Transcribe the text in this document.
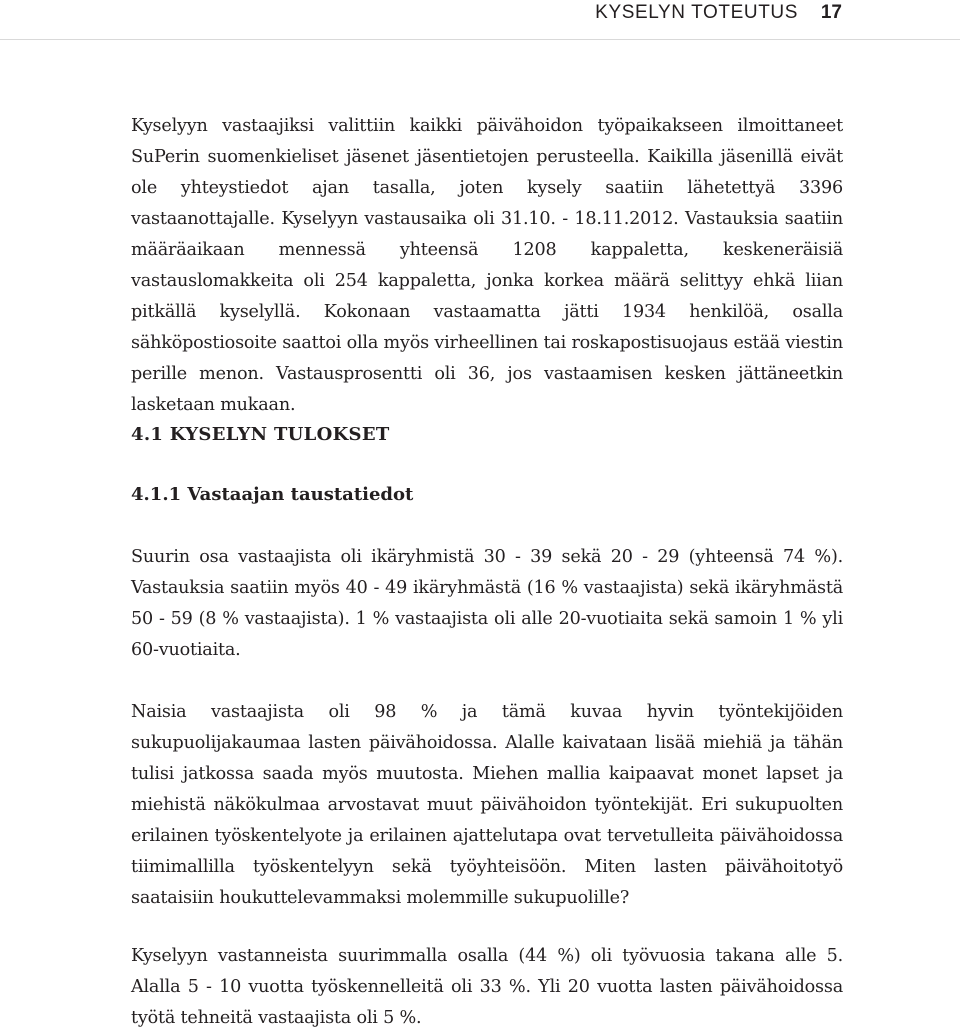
KYSELYN TOTEUTUS 17

Kyselyyn vastaajiksi valittiin kaikki päivähoidon työpaikakseen ilmoittaneet SuPerin suomenkieliset jäsenet jäsentietojen perusteella. Kaikilla jäsenillä eivät ole yhteystiedot ajan tasalla, joten kysely saatiin lähetettyä 3396 vastaanottajalle. Kyselyyn vastausaika oli 31.10. - 18.11.2012. Vastauksia saatiin määräaikaan mennessä yhteensä 1208 kappaletta, keskeneräisiä vastauslomakkeita oli 254 kappaletta, jonka korkea määrä selittyy ehkä liian pitkällä kyselyllä. Kokonaan vastaamatta jätti 1934 henkilöä, osalla sähköpostiosoite saattoi olla myös virheellinen tai roskapostisuojaus estää viestin perille menon. Vastausprosentti oli 36, jos vastaamisen kesken jättäneetkin lasketaan mukaan.

4.1 KYSELYN TULOKSET
4.1.1 Vastaajan taustatiedot

Suurin osa vastaajista oli ikäryhmistä 30 - 39 sekä 20 - 29 (yhteensä 74 %). Vastauksia saatiin myös 40 - 49 ikäryhmästä (16 % vastaajista) sekä ikäryhmästä 50 - 59 (8 % vastaajista). 1 % vastaajista oli alle 20-vuotiaita sekä samoin 1 % yli 60-vuotiaita.

Naisia vastaajista oli 98 % ja tämä kuvaa hyvin työntekijöiden sukupuolijakaumaa lasten päivähoidossa. Alalle kaivataan lisää miehiä ja tähän tulisi jatkossa saada myös muutosta. Miehen mallia kaipaavat monet lapset ja miehistä näkökulmaa arvostavat muut päivähoidon työntekijät. Eri sukupuolten erilainen työskentelyote ja erilainen ajattelutapa ovat tervetulleita päivähoidossa tiimimallilla työskentelyyn sekä työyhteisöön. Miten lasten päivähoitotyö saataisiin houkuttelevammaksi molemmille sukupuolille?

Kyselyyn vastanneista suurimmalla osalla (44 %) oli työvuosia takana alle 5. Alalla 5 - 10 vuotta työskennelleitä oli 33 %. Yli 20 vuotta lasten päivähoidossa työtä tehneitä vastaajista oli 5 %.
